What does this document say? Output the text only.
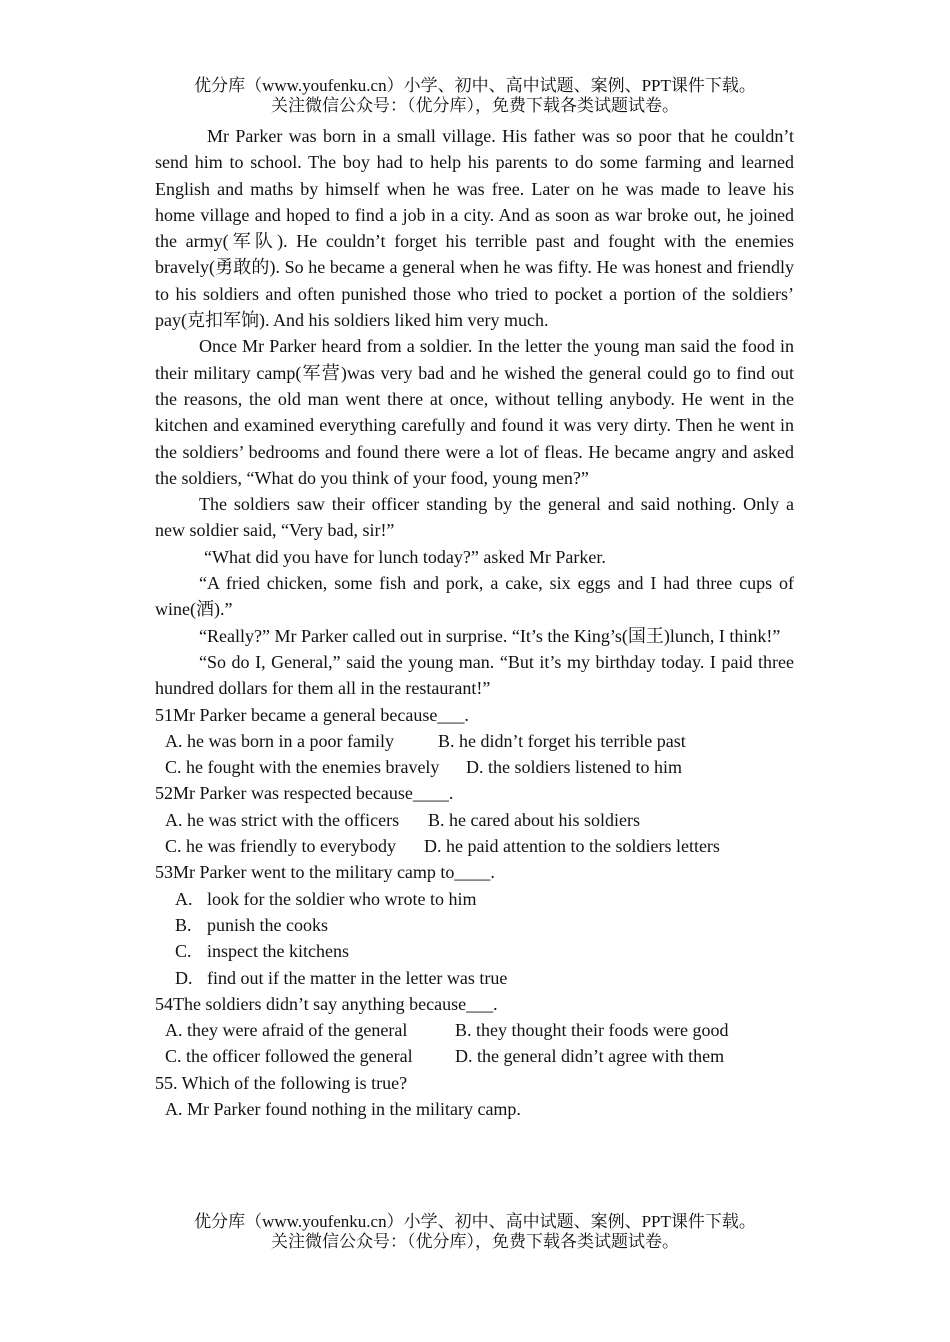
优分库（www.youfenku.cn）小学、初中、高中试题、案例、PPT课件下载。
关注微信公众号：（优分库），免费下载各类试题试卷。

Mr Parker was born in a small village. His father was so poor that he couldn’t send him to school. The boy had to help his parents to do some farming and learned English and maths by himself when he was free. Later on he was made to leave his home village and hoped to find a job in a city. And as soon as war broke out, he joined the army(军队). He couldn’t forget his terrible past and fought with the enemies bravely(勇敢的). So he became a general when he was fifty. He was honest and friendly to his soldiers and often punished those who tried to pocket a portion of the soldiers’ pay(克扣军饷). And his soldiers liked him very much.

Once Mr Parker heard from a soldier. In the letter the young man said the food in their military camp(军营)was very bad and he wished the general could go to find out the reasons, the old man went there at once, without telling anybody. He went in the kitchen and examined everything carefully and found it was very dirty. Then he went in the soldiers’ bedrooms and found there were a lot of fleas. He became angry and asked the soldiers, “What do you think of your food, young men?”

The soldiers saw their officer standing by the general and said nothing. Only a new soldier said, “Very bad, sir!”

“What did you have for lunch today?” asked Mr Parker.

“A fried chicken, some fish and pork, a cake, six eggs and I had three cups of wine(酒).”

“Really?” Mr Parker called out in surprise. “It’s the King’s(国王)lunch, I think!”

“So do I, General,” said the young man. “But it’s my birthday today. I paid three hundred dollars for them all in the restaurant!”

51Mr Parker became a general because___.

A. he was born in a poor family B. he didn’t forget his terrible past

C. he fought with the enemies bravely D. the soldiers listened to him

52Mr Parker was respected because____.

A. he was strict with the officers B. he cared about his soldiers

C. he was friendly to everybody D. he paid attention to the soldiers letters

53Mr Parker went to the military camp to____.

A. look for the soldier who wrote to him

B. punish the cooks

C. inspect the kitchens

D. find out if the matter in the letter was true

54The soldiers didn’t say anything because___.

A. they were afraid of the general	B. they thought their foods were good

C. the officer followed the general D. the general didn’t agree with them

55. Which of the following is true?

A. Mr Parker found nothing in the military camp.

优分库（www.youfenku.cn）小学、初中、高中试题、案例、PPT课件下载。
关注微信公众号：（优分库），免费下载各类试题试卷。
